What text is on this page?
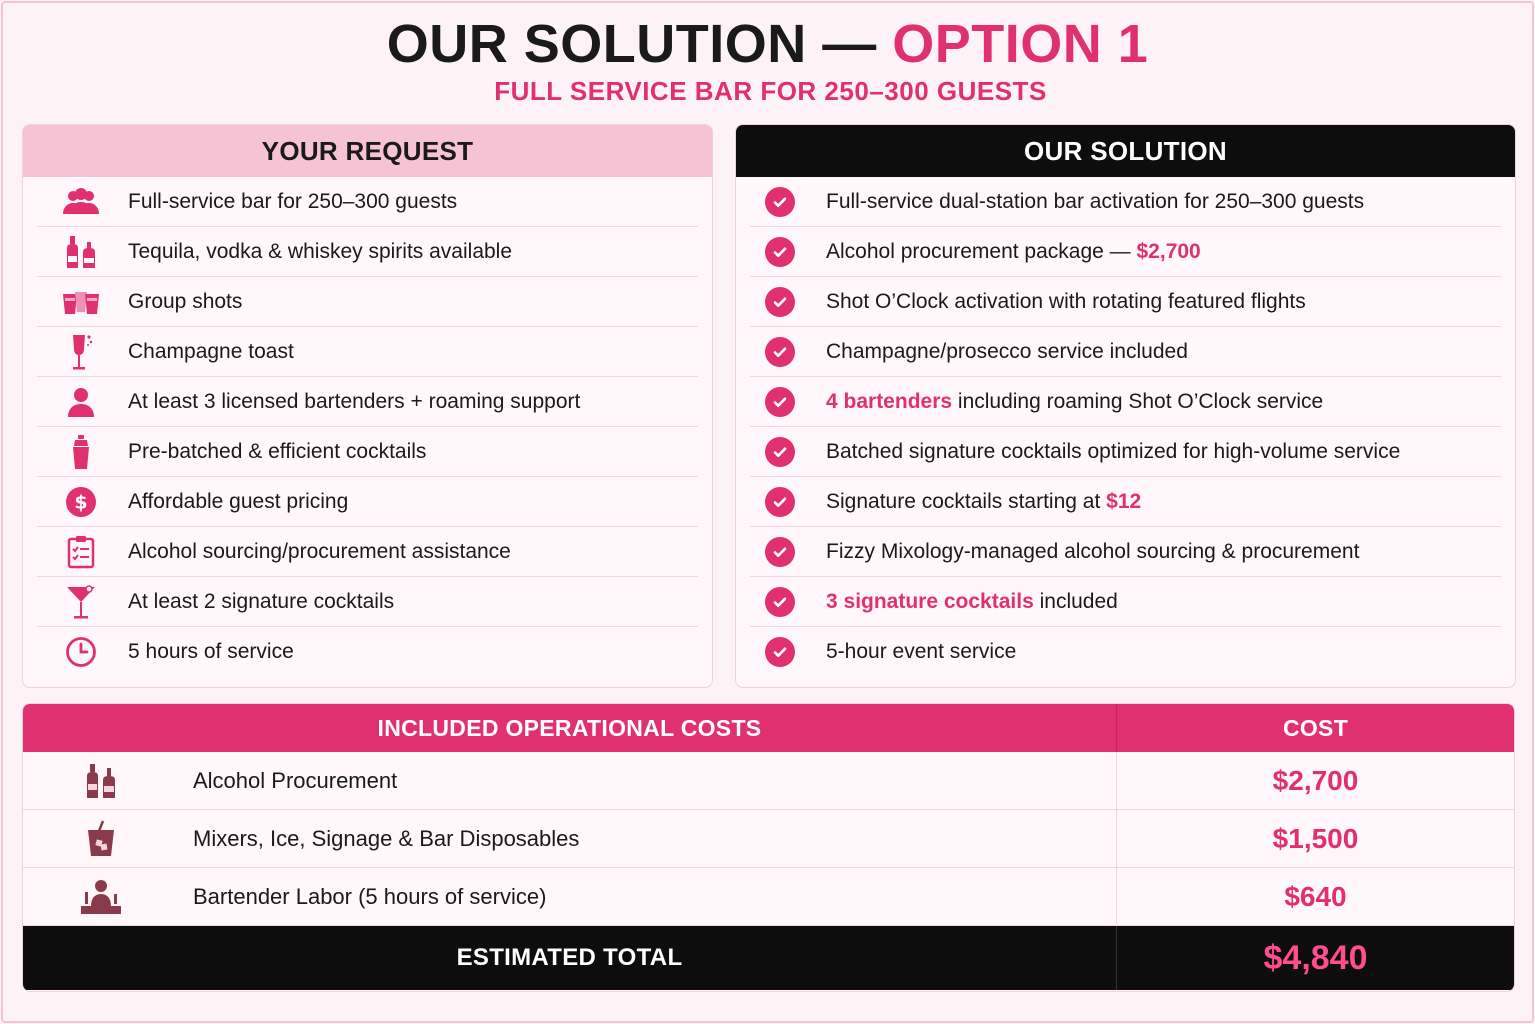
OUR SOLUTION — OPTION 1
FULL SERVICE BAR FOR 250–300 GUESTS
YOUR REQUEST
Full-service bar for 250–300 guests
Tequila, vodka & whiskey spirits available
Group shots
Champagne toast
At least 3 licensed bartenders + roaming support
Pre-batched & efficient cocktails
$ Affordable guest pricing
Alcohol sourcing/procurement assistance
At least 2 signature cocktails
5 hours of service
OUR SOLUTION
Full-service dual-station bar activation for 250–300 guests
Alcohol procurement package — $2,700
Shot O’Clock activation with rotating featured flights
Champagne/prosecco service included
4 bartenders including roaming Shot O’Clock service
Batched signature cocktails optimized for high-volume service
Signature cocktails starting at $12
Fizzy Mixology-managed alcohol sourcing & procurement
3 signature cocktails included
5-hour event service
INCLUDED OPERATIONAL COSTS	COST
Alcohol Procurement	$2,700
Mixers, Ice, Signage & Bar Disposables	$1,500
Bartender Labor (5 hours of service)	$640
ESTIMATED TOTAL	$4,840
